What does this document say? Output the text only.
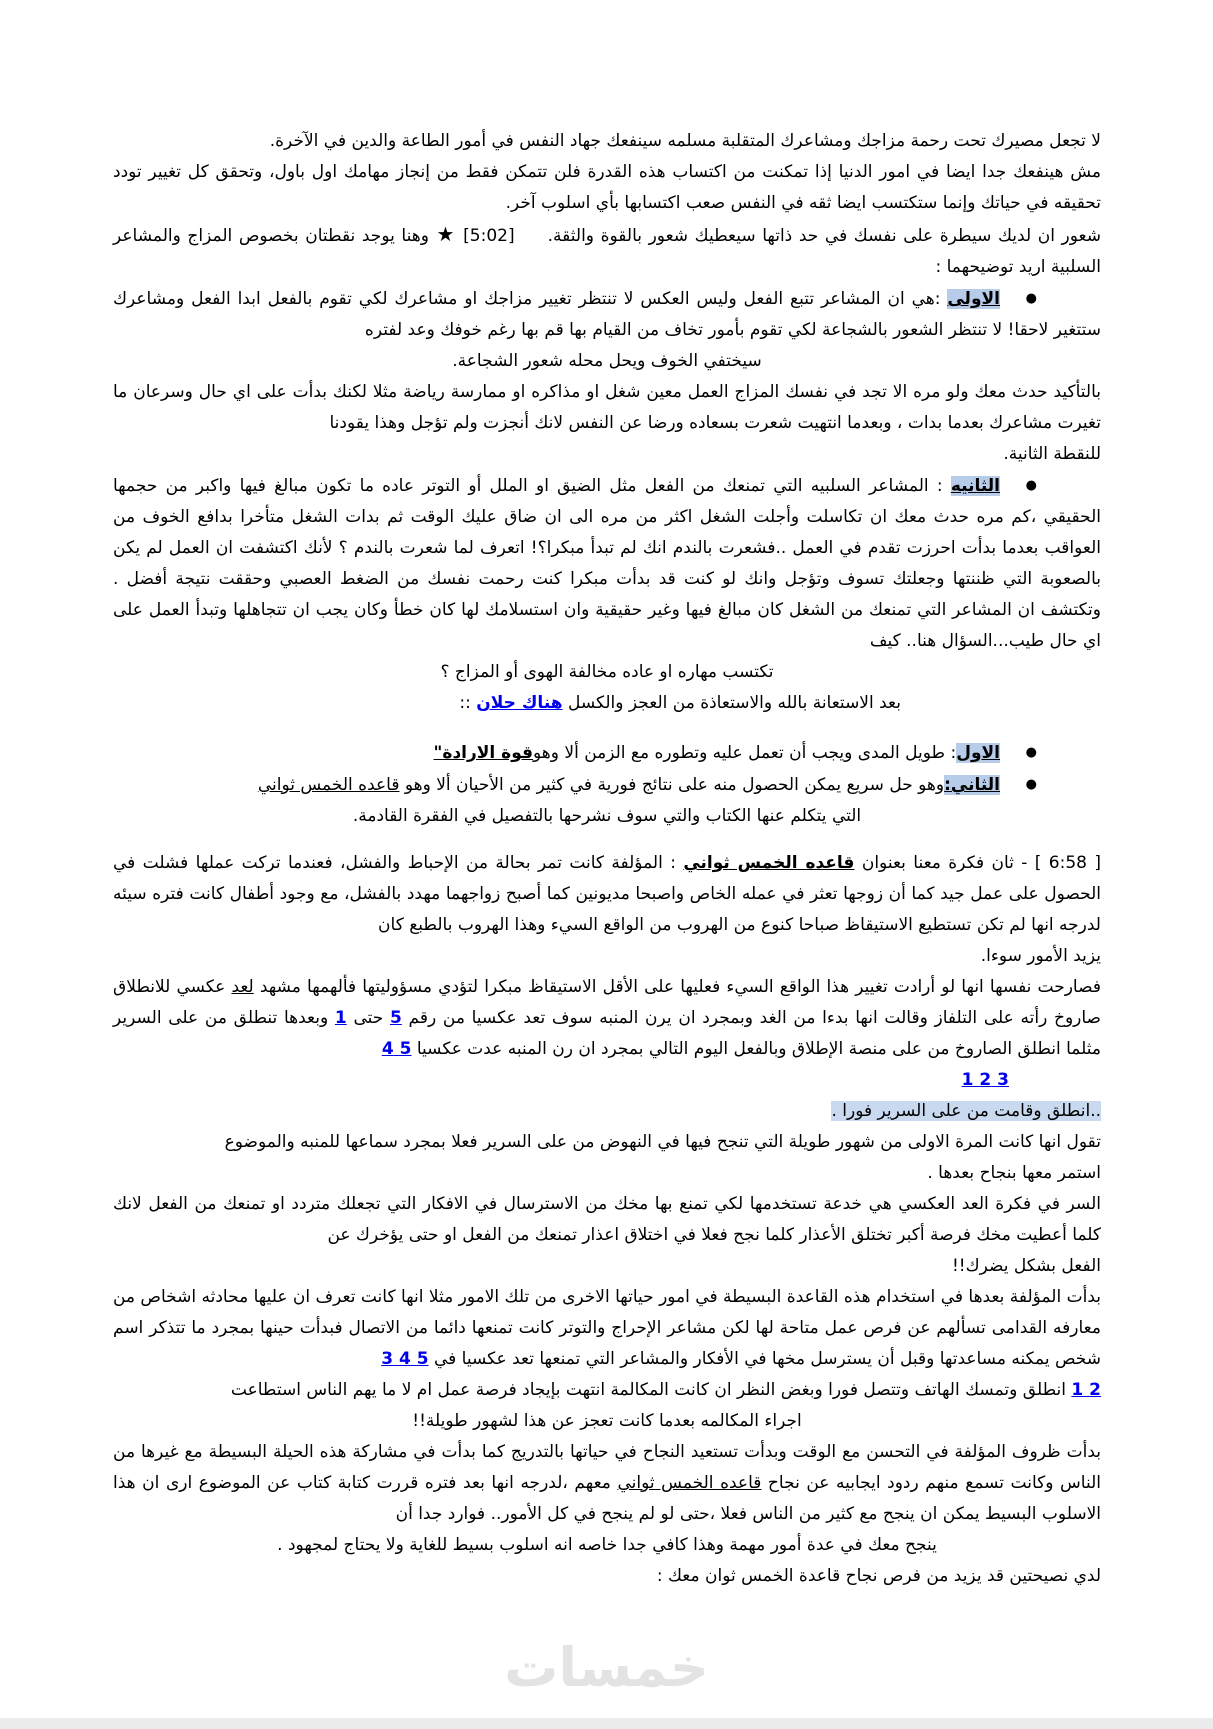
لا تجعل مصيرك تحت رحمة مزاجك ومشاعرك المتقلبة مسلمه سينفعك جهاد النفس في أمور الطاعة والدين في الآخرة.

مش هينفعك جدا ايضا في امور الدنيا إذا تمكنت من اكتساب هذه القدرة فلن تتمكن فقط من إنجاز مهامك اول باول، وتحقق كل تغيير تودد تحقيقه في حياتك وإنما ستكتسب ايضا ثقه في النفس صعب اكتسابها بأي اسلوب آخر.

شعور ان لديك سيطرة على نفسك في حد ذاتها سيعطيك شعور بالقوة والثقة.     [5:02] ★ وهنا يوجد نقطتان بخصوص المزاج والمشاعر السلبية اريد توضيحهما :

●الاولى :هي ان المشاعر تتبع الفعل وليس العكس لا تنتظر تغيير مزاجك او مشاعرك لكي تقوم بالفعل ابدا الفعل ومشاعرك ستتغير لاحقا! لا تنتظر الشعور بالشجاعة لكي تقوم بأمور تخاف من القيام بها قم بها رغم خوفك وعد لفتره

سيختفي الخوف ويحل محله شعور الشجاعة.

بالتأكيد حدث معك ولو مره الا تجد في نفسك المزاج العمل معين شغل او مذاكره او ممارسة رياضة مثلا لكنك بدأت على اي حال وسرعان ما تغيرت مشاعرك بعدما بدات ، وبعدما انتهيت شعرت بسعاده ورضا عن النفس لانك أنجزت ولم تؤجل وهذا يقودنا

للنقطة الثانية.

●الثانيه : المشاعر السلبيه التي تمنعك من الفعل مثل الضيق او الملل أو التوتر عاده ما تكون مبالغ فيها واكبر من حجمها الحقيقي ،كم مره حدث معك ان تكاسلت وأجلت الشغل اكثر من مره الى ان ضاق عليك الوقت ثم بدات الشغل متأخرا بدافع الخوف من العواقب بعدما بدأت احرزت تقدم في العمل ..فشعرت بالندم انك لم تبدأ مبكرا؟! اتعرف لما شعرت بالندم ؟ لأنك اكتشفت ان العمل لم يكن بالصعوبة التي ظننتها وجعلتك تسوف وتؤجل وانك لو كنت قد بدأت مبكرا كنت رحمت نفسك من الضغط العصبي وحققت نتيجة أفضل . وتكتشف ان المشاعر التي تمنعك من الشغل كان مبالغ فيها وغير حقيقية وان استسلامك لها كان خطأ وكان يجب ان تتجاهلها وتبدأ العمل على اي حال طيب...السؤال هنا.. كيف

تكتسب مهاره او عاده مخالفة الهوى أو المزاج ؟

بعد الاستعانة بالله والاستعاذة من العجز والكسل هناك حلان ::

●الاول: طويل المدى ويجب أن تعمل عليه وتطوره مع الزمن ألا وهوقوة الارادة"

●الثاني:وهو حل سريع يمكن الحصول منه على نتائج فورية في كثير من الأحيان ألا وهو قاعده الخمس ثواني

التي يتكلم عنها الكتاب والتي سوف نشرحها بالتفصيل في الفقرة القادمة.

[ 6:58 ] - ثان فكرة معنا بعنوان قاعده الخمس ثواني : المؤلفة كانت تمر بحالة من الإحباط والفشل، فعندما تركت عملها فشلت في الحصول على عمل جيد كما أن زوجها تعثر في عمله الخاص واصبحا مديونين كما أصبح زواجهما مهدد بالفشل، مع وجود أطفال كانت فتره سيئه لدرجه انها لم تكن تستطيع الاستيقاظ صباحا كنوع من الهروب من الواقع السيء وهذا الهروب بالطبع كان

يزيد الأمور سوءا.

فصارحت نفسها انها لو أرادت تغيير هذا الواقع السيء فعليها على الأقل الاستيقاظ مبكرا لتؤدي مسؤوليتها فألهمها مشهد لعد عكسي للانطلاق صاروخ رأته على التلفاز وقالت انها بدءا من الغد وبمجرد ان يرن المنبه سوف تعد عكسيا من رقم 5 حتى 1 وبعدها تنطلق من على السرير مثلما انطلق الصاروخ من على منصة الإطلاق وبالفعل اليوم التالي بمجرد ان رن المنبه عدت عكسيا 5 4

3 2 1

..انطلق وقامت من على السرير فورا .

تقول انها كانت المرة الاولى من شهور طويلة التي تنجح فيها في النهوض من على السرير فعلا بمجرد سماعها للمنبه والموضوع

استمر معها بنجاح بعدها .

السر في فكرة العد العكسي هي خدعة تستخدمها لكي تمنع بها مخك من الاسترسال في الافكار التي تجعلك متردد او تمنعك من الفعل لانك كلما أعطيت مخك فرصة أكبر تختلق الأعذار كلما نجح فعلا في اختلاق اعذار تمنعك من الفعل او حتى يؤخرك عن

الفعل بشكل يضرك!!

بدأت المؤلفة بعدها في استخدام هذه القاعدة البسيطة في امور حياتها الاخرى من تلك الامور مثلا انها كانت تعرف ان عليها محادثه اشخاص من معارفه القدامى تسألهم عن فرص عمل متاحة لها لكن مشاعر الإحراج والتوتر كانت تمنعها دائما من الاتصال فبدأت حينها بمجرد ما تتذكر اسم شخص يمكنه مساعدتها وقبل أن يسترسل مخها في الأفكار والمشاعر التي تمنعها تعد عكسيا في 5 4 3

2 1 انطلق وتمسك الهاتف وتتصل فورا وبغض النظر ان كانت المكالمة انتهت بإيجاد فرصة عمل ام لا ما يهم الناس استطاعت

اجراء المكالمه بعدما كانت تعجز عن هذا لشهور طويلة!!

بدأت ظروف المؤلفة في التحسن مع الوقت وبدأت تستعيد النجاح في حياتها بالتدريج كما بدأت في مشاركة هذه الحيلة البسيطة مع غيرها من الناس وكانت تسمع منهم ردود ايجابيه عن نجاح قاعده الخمس ثواني معهم ،لدرجه انها بعد فتره قررت كتابة كتاب عن الموضوع ارى ان هذا الاسلوب البسيط يمكن ان ينجح مع كثير من الناس فعلا ،حتى لو لم ينجح في كل الأمور.. فوارد جدا أن

ينجح معك في عدة أمور مهمة وهذا كافي جدا خاصه انه اسلوب بسيط للغاية ولا يحتاج لمجهود .

لدي نصيحتين قد يزيد من فرص نجاح قاعدة الخمس ثوان معك :

خمسات
